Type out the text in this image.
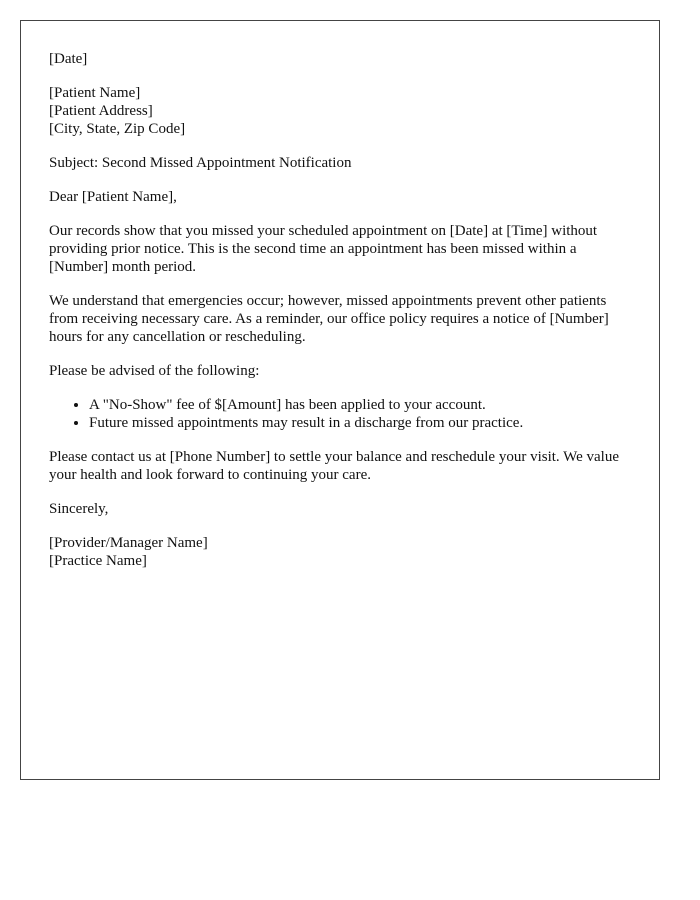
[Date]
[Patient Name]
[Patient Address]
[City, State, Zip Code]
Subject: Second Missed Appointment Notification
Dear [Patient Name],
Our records show that you missed your scheduled appointment on [Date] at [Time] without providing prior notice. This is the second time an appointment has been missed within a [Number] month period.
We understand that emergencies occur; however, missed appointments prevent other patients from receiving necessary care. As a reminder, our office policy requires a notice of [Number] hours for any cancellation or rescheduling.
Please be advised of the following:
• A "No-Show" fee of $[Amount] has been applied to your account.
• Future missed appointments may result in a discharge from our practice.
Please contact us at [Phone Number] to settle your balance and reschedule your visit. We value your health and look forward to continuing your care.
Sincerely,
[Provider/Manager Name]
[Practice Name]
